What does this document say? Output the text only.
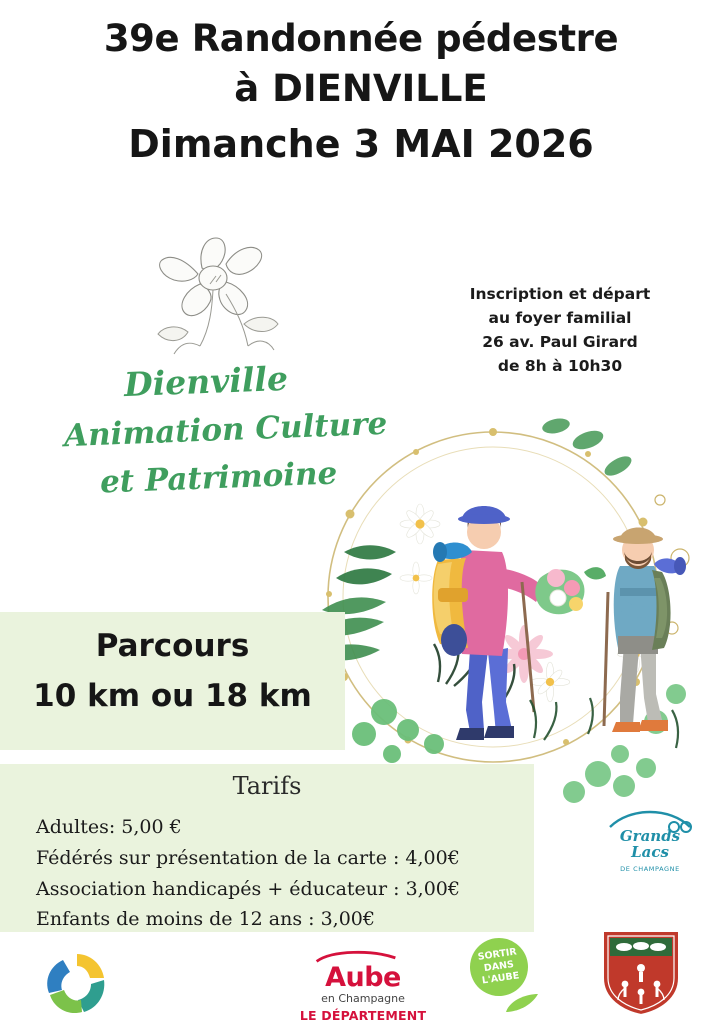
39e Randonnée pédestre
à DIENVILLE
Dimanche 3 MAI 2026
Inscription et départ
au foyer familial
26 av. Paul Girard
de 8h à 10h30
Dienville
Animation Culture
et Patrimoine
Parcours
10 km ou 18 km
Tarifs
Adultes: 5,00 €
Fédérés sur présentation de la carte : 4,00€
Association handicapés + éducateur : 3,00€
Enfants de moins de 12 ans : 3,00€
Grands
Lacs
DE CHAMPAGNE
Aube
en Champagne
LE DÉPARTEMENT
SORTIR
DANS
L'AUBE
